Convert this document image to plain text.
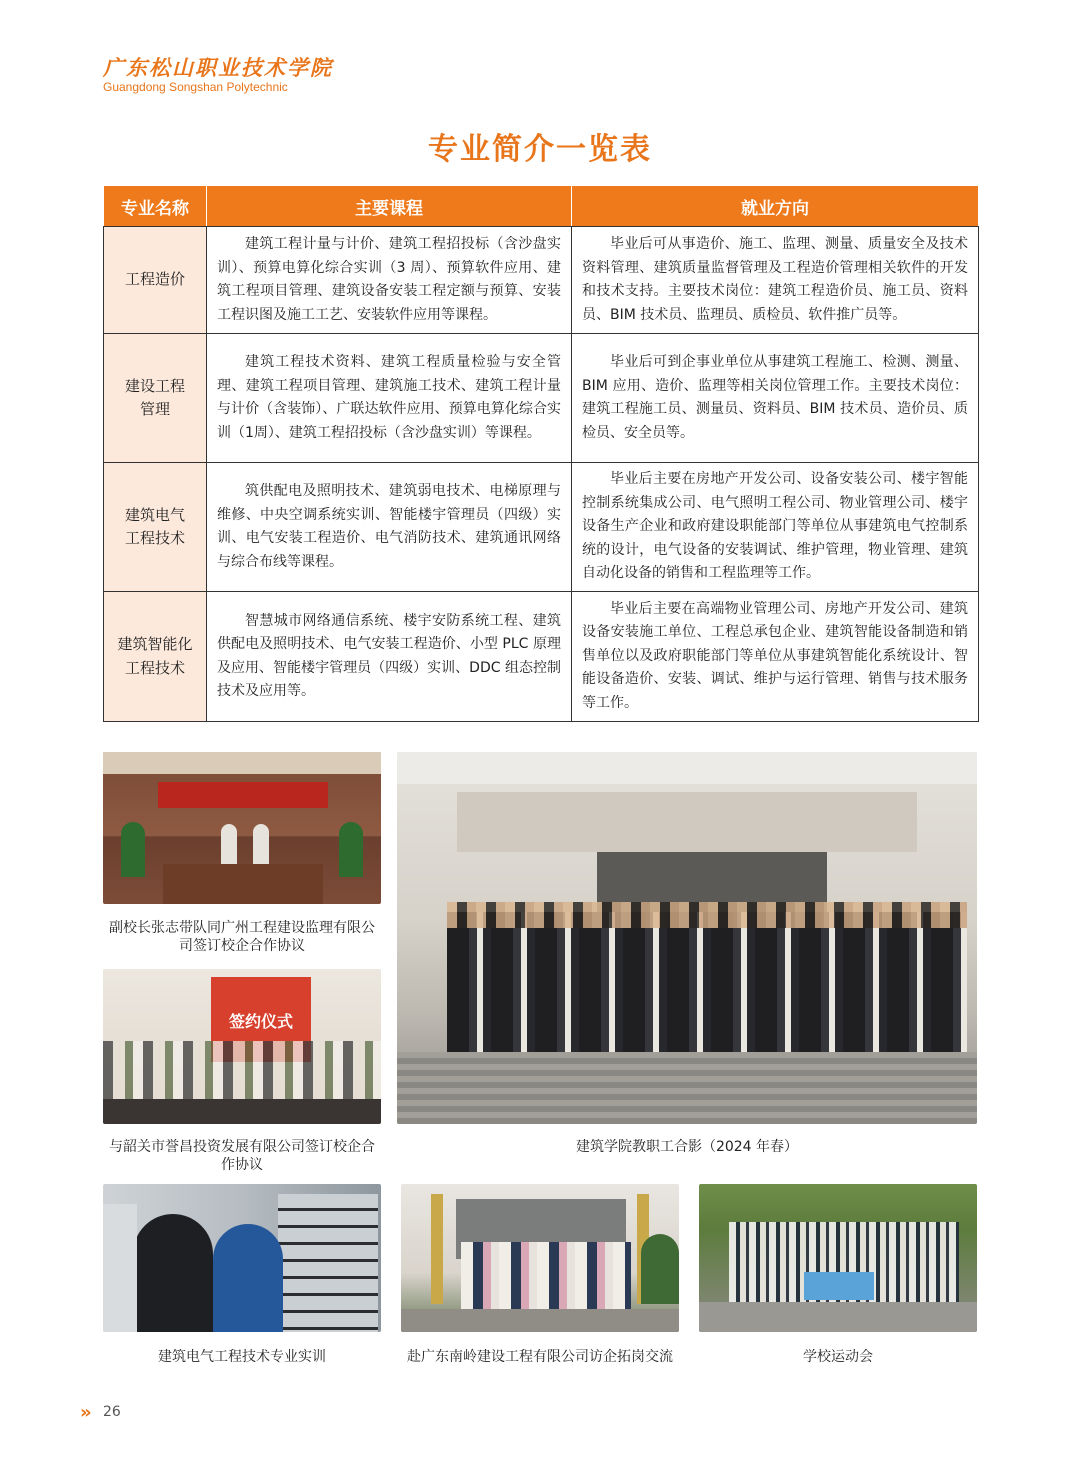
广东松山职业技术学院
Guangdong Songshan Polytechnic
专业简介一览表
专业名称	主要课程	就业方向
工程造价	建筑工程计量与计价、建筑工程招投标（含沙盘实训）、预算电算化综合实训（3 周）、预算软件应用、建筑工程项目管理、建筑设备安装工程定额与预算、安装工程识图及施工工艺、安装软件应用等课程。	毕业后可从事造价、施工、监理、测量、质量安全及技术资料管理、建筑质量监督管理及工程造价管理相关软件的开发和技术支持。主要技术岗位：建筑工程造价员、施工员、资料员、BIM 技术员、监理员、质检员、软件推广员等。

建设工程管理	建筑工程技术资料、建筑工程质量检验与安全管理、建筑工程项目管理、建筑施工技术、建筑工程计量与计价（含装饰）、广联达软件应用、预算电算化综合实训（1周）、建筑工程招投标（含沙盘实训）等课程。	毕业后可到企事业单位从事建筑工程施工、检测、测量、BIM 应用、造价、监理等相关岗位管理工作。主要技术岗位：建筑工程施工员、测量员、资料员、BIM 技术员、造价员、质检员、安全员等。

建筑电气工程技术	筑供配电及照明技术、建筑弱电技术、电梯原理与维修、中央空调系统实训、智能楼宇管理员（四级）实训、电气安装工程造价、电气消防技术、建筑通讯网络与综合布线等课程。	毕业后主要在房地产开发公司、设备安装公司、楼宇智能控制系统集成公司、电气照明工程公司、物业管理公司、楼宇设备生产企业和政府建设职能部门等单位从事建筑电气控制系统的设计，电气设备的安装调试、维护管理，物业管理、建筑自动化设备的销售和工程监理等工作。

建筑智能化工程技术	智慧城市网络通信系统、楼宇安防系统工程、建筑供配电及照明技术、电气安装工程造价、小型 PLC 原理及应用、智能楼宇管理员（四级）实训、DDC 组态控制技术及应用等。	毕业后主要在高端物业管理公司、房地产开发公司、建筑设备安装施工单位、工程总承包企业、建筑智能设备制造和销售单位以及政府职能部门等单位从事建筑智能化系统设计、智能设备造价、安装、调试、维护与运行管理、销售与技术服务等工作。
副校长张志带队同广州工程建设监理有限公司签订校企合作协议
签约仪式
与韶关市誉昌投资发展有限公司签订校企合作协议
建筑学院教职工合影（2024 年春）
建筑电气工程技术专业实训	赴广东南岭建设工程有限公司访企拓岗交流	学校运动会
» 26
